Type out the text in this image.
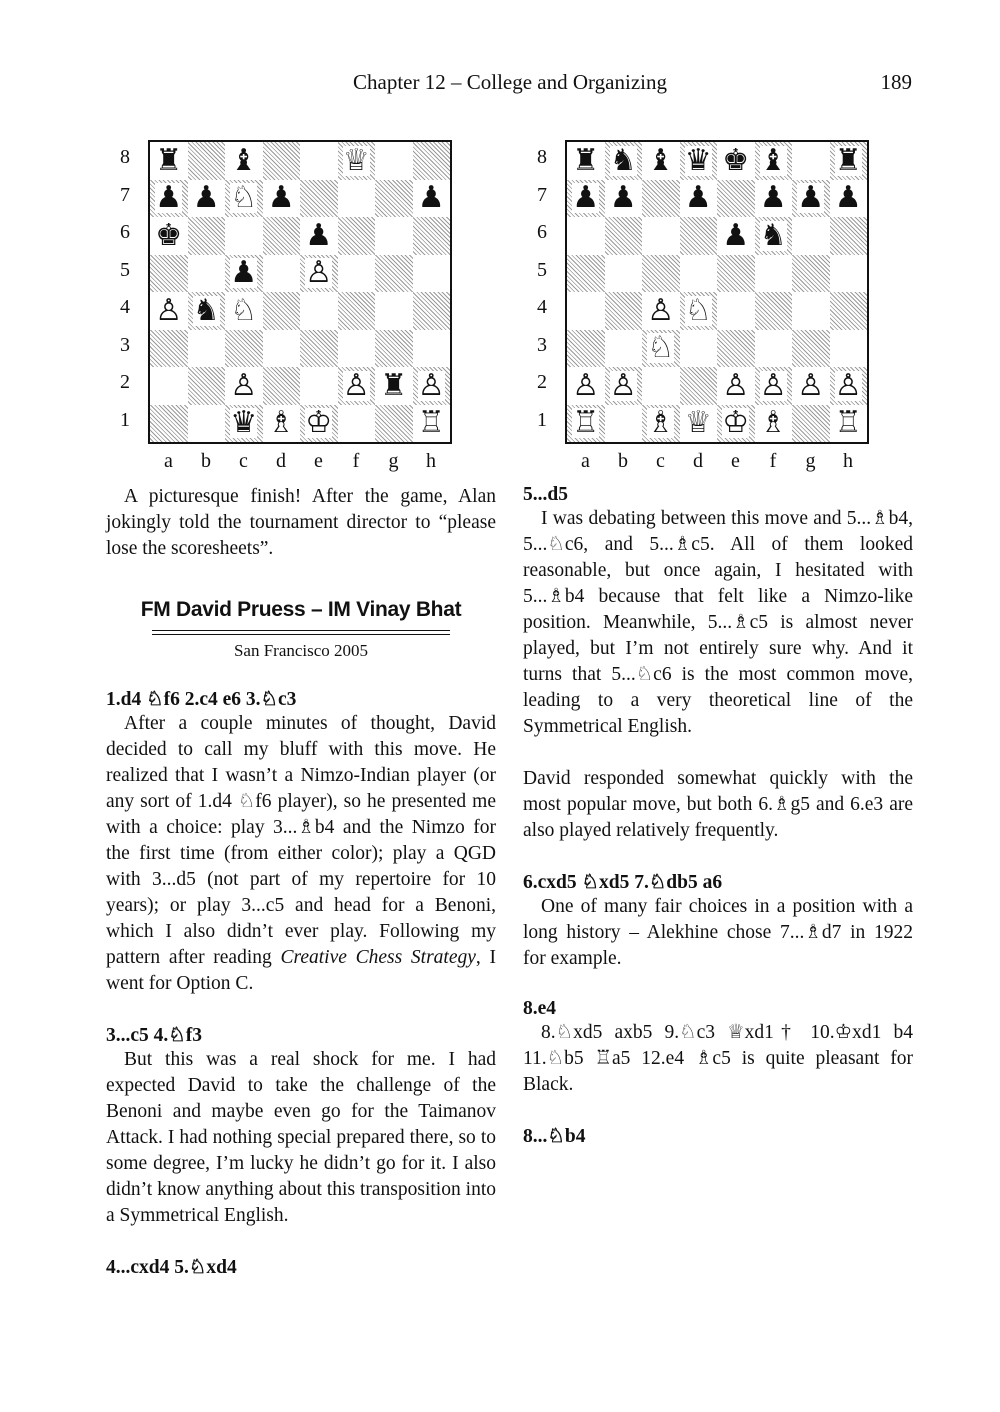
Chapter 12 – College and Organizing	189
8
7
6
5
4
3
2
1
♜ ♝	♕
♟ ♟ ♘ ♟	♟
♚	♟
♟ ♙
♙ ♞ ♘
♙	♙ ♜ ♙
♛ ♗ ♔	♖
a	b	c	d	e	f	g	h
8
7
6
5
4
3
2
1
♜ ♞ ♝ ♛ ♚ ♝ ♜
♟ ♟ ♟ ♟ ♟ ♟
♟ ♞
♙ ♘
♘
♙ ♙	♙ ♙ ♙ ♙
♖ ♗ ♕ ♔ ♗ ♖
a	b	c	d	e	f	g	h

A picturesque finish! After the game, Alan jokingly told the tournament director to “please lose the scoresheets”.

FM David Pruess – IM Vinay Bhat

San Francisco 2005

1.d4 ♘f6 2.c4 e6 3.♘c3

After a couple minutes of thought, David decided to call my bluff with this move. He realized that I wasn’t a Nimzo-Indian player (or any sort of 1.d4 ♘f6 player), so he presented me with a choice: play 3...♗b4 and the Nimzo for the first time (from either color); play a QGD with 3...d5 (not part of my repertoire for 10 years); or play 3...c5 and head for a Benoni, which I also didn’t ever play. Following my pattern after reading Creative Chess Strategy, I went for Option C.

3...c5 4.♘f3

But this was a real shock for me. I had expected David to take the challenge of the Benoni and maybe even go for the Taimanov Attack. I had nothing special prepared there, so to some degree, I’m lucky he didn’t go for it. I also didn’t know anything about this transposition into a Symmetrical English.

4...cxd4 5.♘xd4

5...d5

I was debating between this move and 5...♗b4, 5...♘c6, and 5...♗c5. All of them looked reasonable, but once again, I hesitated with 5...♗b4 because that felt like a Nimzo-like position. Meanwhile, 5...♗c5 is almost never played, but I’m not entirely sure why. And it turns that 5...♘c6 is the most common move, leading to a very theoretical line of the Symmetrical English.

David responded somewhat quickly with the most popular move, but both 6.♗g5 and 6.e3 are also played relatively frequently.

6.cxd5 ♘xd5 7.♘db5 a6

One of many fair choices in a position with a long history – Alekhine chose 7...♗d7 in 1922 for example.

8.e4

8.♘xd5 axb5 9.♘c3 ♕xd1† 10.♔xd1 b4 11.♘b5 ♖a5 12.e4 ♗c5 is quite pleasant for Black.

8...♘b4
